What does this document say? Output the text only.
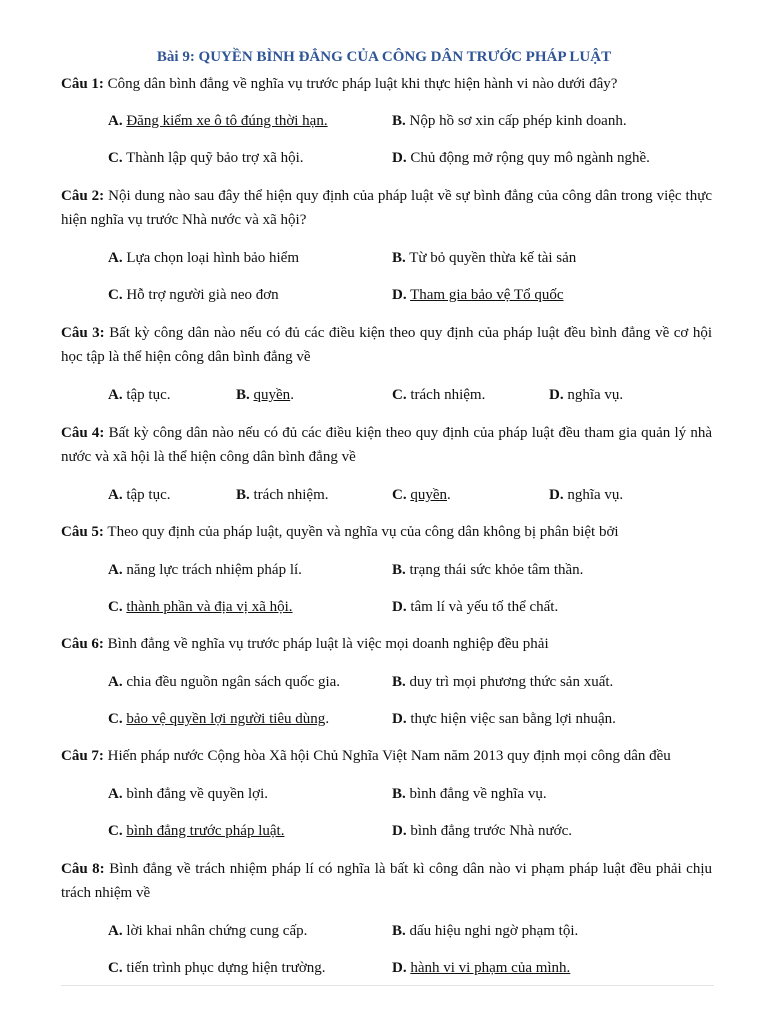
Bài 9: QUYỀN BÌNH ĐẲNG CỦA CÔNG DÂN TRƯỚC PHÁP LUẬT
Câu 1: Công dân bình đẳng về nghĩa vụ trước pháp luật khi thực hiện hành vi nào dưới đây?
A. Đăng kiểm xe ô tô đúng thời hạn.	B. Nộp hồ sơ xin cấp phép kinh doanh.
C. Thành lập quỹ bảo trợ xã hội.	D. Chủ động mở rộng quy mô ngành nghề.
Câu 2: Nội dung nào sau đây thể hiện quy định của pháp luật về sự bình đẳng của công dân trong việc thực hiện nghĩa vụ trước Nhà nước và xã hội?
A. Lựa chọn loại hình bảo hiểm	B. Từ bỏ quyền thừa kế tài sản
C. Hỗ trợ người già neo đơn	D. Tham gia bảo vệ Tổ quốc
Câu 3: Bất kỳ công dân nào nếu có đủ các điều kiện theo quy định của pháp luật đều bình đẳng về cơ hội học tập là thể hiện công dân bình đẳng về
A. tập tục.	B. quyền.	C. trách nhiệm.	D. nghĩa vụ.
Câu 4: Bất kỳ công dân nào nếu có đủ các điều kiện theo quy định của pháp luật đều tham gia quản lý nhà nước và xã hội là thể hiện công dân bình đẳng về
A. tập tục.	B. trách nhiệm.	C. quyền.	D. nghĩa vụ.
Câu 5: Theo quy định của pháp luật, quyền và nghĩa vụ của công dân không bị phân biệt bởi
A. năng lực trách nhiệm pháp lí.	B. trạng thái sức khỏe tâm thần.
C. thành phần và địa vị xã hội.	D. tâm lí và yếu tố thể chất.
Câu 6: Bình đẳng về nghĩa vụ trước pháp luật là việc mọi doanh nghiệp đều phải
A. chia đều nguồn ngân sách quốc gia.	B. duy trì mọi phương thức sản xuất.
C. bảo vệ quyền lợi người tiêu dùng.	D. thực hiện việc san bằng lợi nhuận.
Câu 7: Hiến pháp nước Cộng hòa Xã hội Chủ Nghĩa Việt Nam năm 2013 quy định mọi công dân đều
A. bình đẳng về quyền lợi.	B. bình đẳng về nghĩa vụ.
C. bình đẳng trước pháp luật.	D. bình đẳng trước Nhà nước.
Câu 8: Bình đẳng về trách nhiệm pháp lí có nghĩa là bất kì công dân nào vi phạm pháp luật đều phải chịu trách nhiệm về
A. lời khai nhân chứng cung cấp.	B. dấu hiệu nghi ngờ phạm tội.
C. tiến trình phục dựng hiện trường.	D. hành vi vi phạm của mình.
